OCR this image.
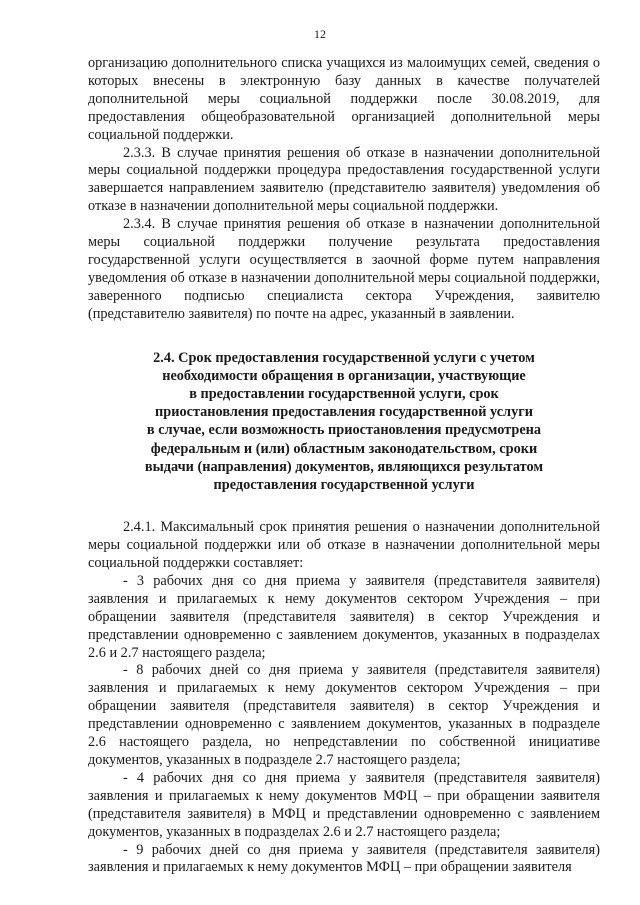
12

организацию дополнительного списка учащихся из малоимущих семей, сведения о которых внесены в электронную базу данных в качестве получателей дополнительной меры социальной поддержки после 30.08.2019, для предоставления общеобразовательной организацией дополнительной меры социальной поддержки.

2.3.3. В случае принятия решения об отказе в назначении дополнительной меры социальной поддержки процедура предоставления государственной услуги завершается направлением заявителю (представителю заявителя) уведомления об отказе в назначении дополнительной меры социальной поддержки.

2.3.4. В случае принятия решения об отказе в назначении дополнительной меры социальной поддержки получение результата предоставления государственной услуги осуществляется в заочной форме путем направления уведомления об отказе в назначении дополнительной меры социальной поддержки, заверенного подписью специалиста сектора Учреждения, заявителю (представителю заявителя) по почте на адрес, указанный в заявлении.

2.4. Срок предоставления государственной услуги с учетом
необходимости обращения в организации, участвующие
в предоставлении государственной услуги, срок
приостановления предоставления государственной услуги
в случае, если возможность приостановления предусмотрена
федеральным и (или) областным законодательством, сроки
выдачи (направления) документов, являющихся результатом
предоставления государственной услуги

2.4.1. Максимальный срок принятия решения о назначении дополнительной меры социальной поддержки или об отказе в назначении дополнительной меры социальной поддержки составляет:

- 3 рабочих дня со дня приема у заявителя (представителя заявителя) заявления и прилагаемых к нему документов сектором Учреждения – при обращении заявителя (представителя заявителя) в сектор Учреждения и представлении одновременно с заявлением документов, указанных в подразделах 2.6 и 2.7 настоящего раздела;

- 8 рабочих дней со дня приема у заявителя (представителя заявителя) заявления и прилагаемых к нему документов сектором Учреждения – при обращении заявителя (представителя заявителя) в сектор Учреждения и представлении одновременно с заявлением документов, указанных в подразделе 2.6 настоящего раздела, но непредставлении по собственной инициативе документов, указанных в подразделе 2.7 настоящего раздела;

- 4 рабочих дня со дня приема у заявителя (представителя заявителя) заявления и прилагаемых к нему документов МФЦ – при обращении заявителя (представителя заявителя) в МФЦ и представлении одновременно с заявлением документов, указанных в подразделах 2.6 и 2.7 настоящего раздела;

- 9 рабочих дней со дня приема у заявителя (представителя заявителя) заявления и прилагаемых к нему документов МФЦ – при обращении заявителя
